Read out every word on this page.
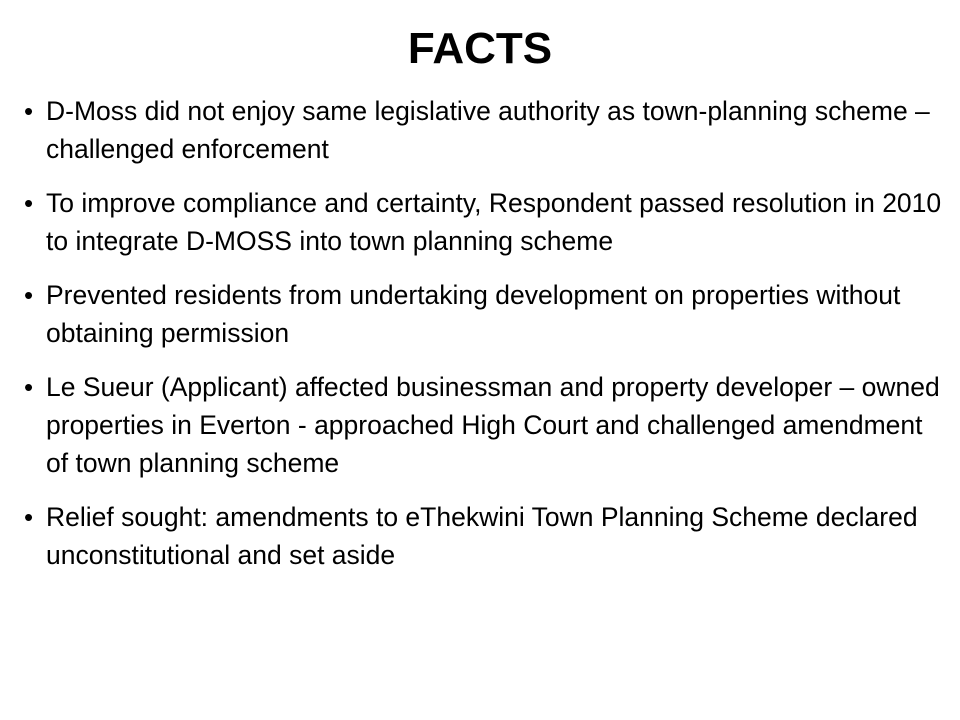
FACTS
• D-Moss did not enjoy same legislative authority as town-planning scheme – challenged enforcement
• To improve compliance and certainty, Respondent passed resolution in 2010 to integrate D-MOSS into town planning scheme
• Prevented residents from undertaking development on properties without obtaining permission
• Le Sueur (Applicant) affected businessman and property developer – owned properties in Everton - approached High Court and challenged amendment of town planning scheme
• Relief sought: amendments to eThekwini Town Planning Scheme declared unconstitutional and set aside
